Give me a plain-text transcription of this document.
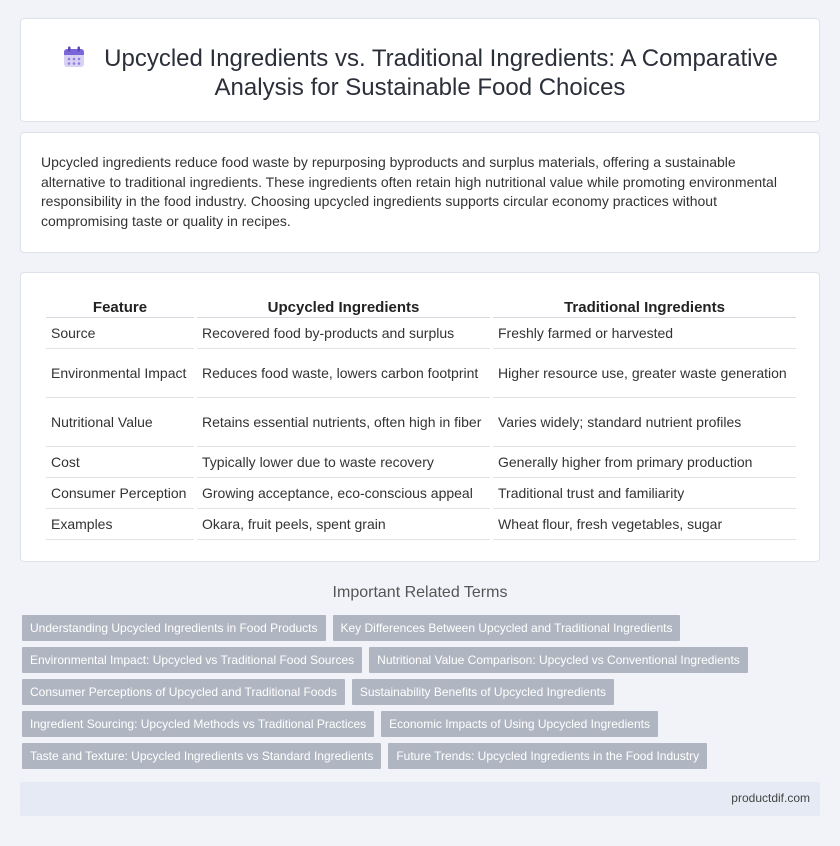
Upcycled Ingredients vs. Traditional Ingredients: A Comparative
Analysis for Sustainable Food Choices

Upcycled ingredients reduce food waste by repurposing byproducts and surplus materials, offering a sustainable alternative to traditional ingredients. These ingredients often retain high nutritional value while promoting environmental responsibility in the food industry. Choosing upcycled ingredients supports circular economy practices without compromising taste or quality in recipes.

Feature	Upcycled Ingredients	Traditional Ingredients
Source	Recovered food by-products and surplus	Freshly farmed or harvested
Environmental Impact	Reduces food waste, lowers carbon footprint	Higher resource use, greater waste generation
Nutritional Value	Retains essential nutrients, often high in fiber	Varies widely; standard nutrient profiles
Cost	Typically lower due to waste recovery	Generally higher from primary production
Consumer Perception	Growing acceptance, eco-conscious appeal	Traditional trust and familiarity
Examples	Okara, fruit peels, spent grain	Wheat flour, fresh vegetables, sugar
Important Related Terms
Understanding Upcycled Ingredients in Food Products	Key Differences Between Upcycled and Traditional Ingredients
Environmental Impact: Upcycled vs Traditional Food Sources	Nutritional Value Comparison: Upcycled vs Conventional Ingredients
Consumer Perceptions of Upcycled and Traditional Foods	Sustainability Benefits of Upcycled Ingredients
Ingredient Sourcing: Upcycled Methods vs Traditional Practices	Economic Impacts of Using Upcycled Ingredients
Taste and Texture: Upcycled Ingredients vs Standard Ingredients	Future Trends: Upcycled Ingredients in the Food Industry
productdif.com
